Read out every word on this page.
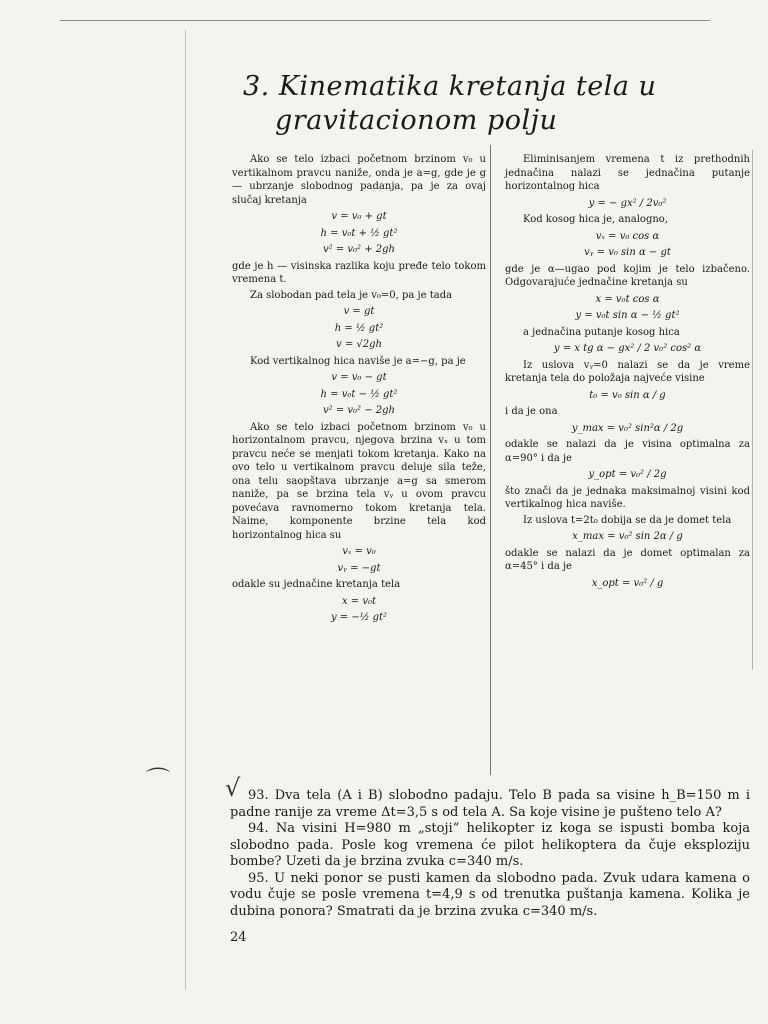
3. Kinematika kretanja tela u
gravitacionom polju

Ako se telo izbaci početnom brzinom v₀ u vertikalnom pravcu naniže, onda je a=g, gde je g — ubrzanje slobodnog padanja, pa je za ovaj slučaj kretanja

v = v₀ + gt
h = v₀t + ½ gt²
v² = v₀² + 2gh

gde je h — visinska razlika koju pređe telo tokom vremena t.

Za slobodan pad tela je v₀=0, pa je tada

v = gt
h = ½ gt²
v = √2gh

Kod vertikalnog hica naviše je a=−g, pa je

v = v₀ − gt
h = v₀t − ½ gt²
v² = v₀² − 2gh

Ako se telo izbaci početnom brzinom v₀ u horizontalnom pravcu, njegova brzina vₓ u tom pravcu neće se menjati tokom kretanja. Kako na ovo telo u vertikalnom pravcu deluje sila teže, ona telu saopštava ubrzanje a=g sa smerom naniže, pa se brzina tela vᵧ u ovom pravcu povećava ravnomerno tokom kretanja tela. Naime, komponente brzine tela kod horizontalnog hica su

vₓ = v₀
vᵧ = −gt

odakle su jednačine kretanja tela

x = v₀t
y = −½ gt²

Eliminisanjem vremena t iz prethodnih jednačina nalazi se jednačina putanje horizontalnog hica

y = − gx² / 2v₀²

Kod kosog hica je, analogno,

vₓ = v₀ cos α
vᵧ = v₀ sin α − gt

gde je α—ugao pod kojim je telo izbačeno. Odgovarajuće jednačine kretanja su

x = v₀t cos α
y = v₀t sin α − ½ gt²

a jednačina putanje kosog hica

y = x tg α − gx² / 2 v₀² cos² α

Iz uslova vᵧ=0 nalazi se da je vreme kretanja tela do položaja najveće visine

t₀ = v₀ sin α / g

i da je ona

y_max = v₀² sin²α / 2g

odakle se nalazi da je visina optimalna za α=90° i da je

y_opt = v₀² / 2g

što znači da je jednaka maksimalnoj visini kod vertikalnog hica naviše.

Iz uslova t=2t₀ dobija se da je domet tela

x_max = v₀² sin 2α / g

odakle se nalazi da je domet optimalan za α=45° i da je

x_opt = v₀² / g
⌒ √ 93. Dva tela (A i B) slobodno padaju. Telo B pada sa visine h_B=150 m i padne ranije za vreme Δt=3,5 s od tela A. Sa koje visine je pušteno telo A?

94. Na visini H=980 m „stoji“ helikopter iz koga se ispusti bomba koja slobodno pada. Posle kog vremena će pilot helikoptera da čuje eksploziju bombe? Uzeti da je brzina zvuka c=340 m/s.

95. U neki ponor se pusti kamen da slobodno pada. Zvuk udara kamena o vodu čuje se posle vremena t=4,9 s od trenutka puštanja kamena. Kolika je dubina ponora? Smatrati da je brzina zvuka c=340 m/s.

24
